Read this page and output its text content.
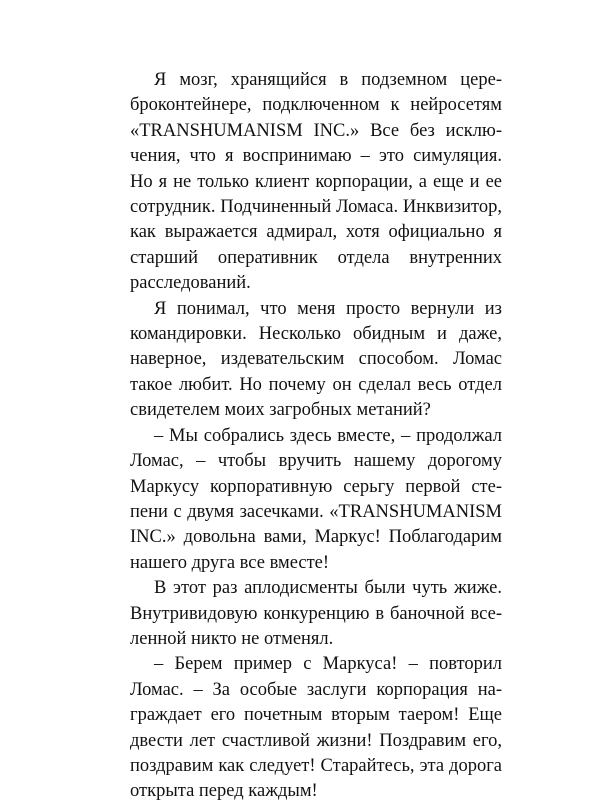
Я мозг, хранящийся в подземном цереброконтейнере, подключенном к нейросетям «TRANSHUMANISM INC.» Все без исключения, что я воспринимаю – это симуляция. Но я не только клиент корпорации, а еще и ее сотрудник. Подчиненный Ломаса. Инквизитор, как выражается адмирал, хотя официально я старший оперативник отдела внутренних расследований.

Я понимал, что меня просто вернули из командировки. Несколько обидным и даже, наверное, издевательским способом. Ломас такое любит. Но почему он сделал весь отдел свидетелем моих загробных метаний?

– Мы собрались здесь вместе, – продолжал Ломас, – чтобы вручить нашему дорогому Маркусу корпоративную серьгу первой степени с двумя засечками. «TRANSHUMANISM INC.» довольна вами, Маркус! Поблагодарим нашего друга все вместе!

В этот раз аплодисменты были чуть жиже. Внутривидовую конкуренцию в баночной вселенной никто не отменял.

– Берем пример с Маркуса! – повторил Ломас. – За особые заслуги корпорация награждает его почетным вторым таером! Еще двести лет счастливой жизни! Поздравим его, поздравим как следует! Старайтесь, эта дорога открыта перед каждым!
